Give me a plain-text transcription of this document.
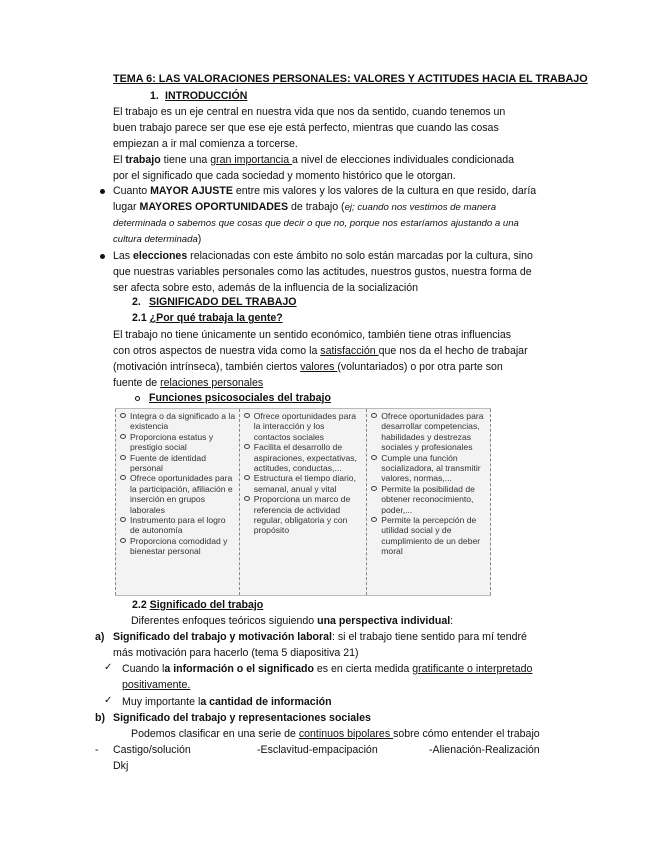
TEMA 6: LAS VALORACIONES PERSONALES: VALORES Y ACTITUDES HACIA EL TRABAJO
1. INTRODUCCIÓN
El trabajo es un eje central en nuestra vida que nos da sentido, cuando tenemos un
buen trabajo parece ser que ese eje está perfecto, mientras que cuando las cosas
empiezan a ir mal comienza a torcerse.
El trabajo tiene una gran importancia a nivel de elecciones individuales condicionada
por el significado que cada sociedad y momento histórico que le otorgan.
Cuanto MAYOR AJUSTE entre mis valores y los valores de la cultura en que resido, daría
lugar MAYORES OPORTUNIDADES de trabajo (ej; cuando nos vestimos de manera
determinada o sabemos que cosas que decir o que no, porque nos estaríamos ajustando a una
cultura determinada)
Las elecciones relacionadas con este ámbito no solo están marcadas por la cultura, sino
que nuestras variables personales como las actitudes, nuestros gustos, nuestra forma de
ser afecta sobre esto, además de la influencia de la socialización
2. SIGNIFICADO DEL TRABAJO
2.1 ¿Por qué trabaja la gente?
El trabajo no tiene únicamente un sentido económico, también tiene otras influencias
con otros aspectos de nuestra vida como la satisfacción que nos da el hecho de trabajar
(motivación intrínseca), también ciertos valores (voluntariados) o por otra parte son
fuente de relaciones personales
Funciones psicosociales del trabajo
Integra o da significado a la existencia
Proporciona estatus y prestigio social
Fuente de identidad personal
Ofrece oportunidades para la participación, afiliación e inserción en grupos laborales
Instrumento para el logro de autonomía
Proporciona comodidad y bienestar personal

Ofrece oportunidades para la interacción y los contactos sociales
Facilita el desarrollo de aspiraciones, expectativas, actitudes, conductas,...
Estructura el tiempo diario, semanal, anual y vital
Proporciona un marco de referencia de actividad regular, obligatoria y con propósito

Ofrece oportunidades para desarrollar competencias, habilidades y destrezas sociales y profesionales
Cumple una función socializadora, al transmitir valores, normas,...
Permite la posibilidad de obtener reconocimiento, poder,...
Permite la percepción de utilidad social y de cumplimiento de un deber moral
2.2 Significado del trabajo
Diferentes enfoques teóricos siguiendo una perspectiva individual:
a) Significado del trabajo y motivación laboral: si el trabajo tiene sentido para mí tendré
más motivación para hacerlo (tema 5 diapositiva 21)
✓ Cuando la información o el significado es en cierta medida gratificante o interpretado
positivamente.
✓ Muy importante la cantidad de información
b) Significado del trabajo y representaciones sociales
Podemos clasificar en una serie de continuos bipolares sobre cómo entender el trabajo
- Castigo/solución	-Esclavitud-empacipación	-Alienación-Realización
Dkj
